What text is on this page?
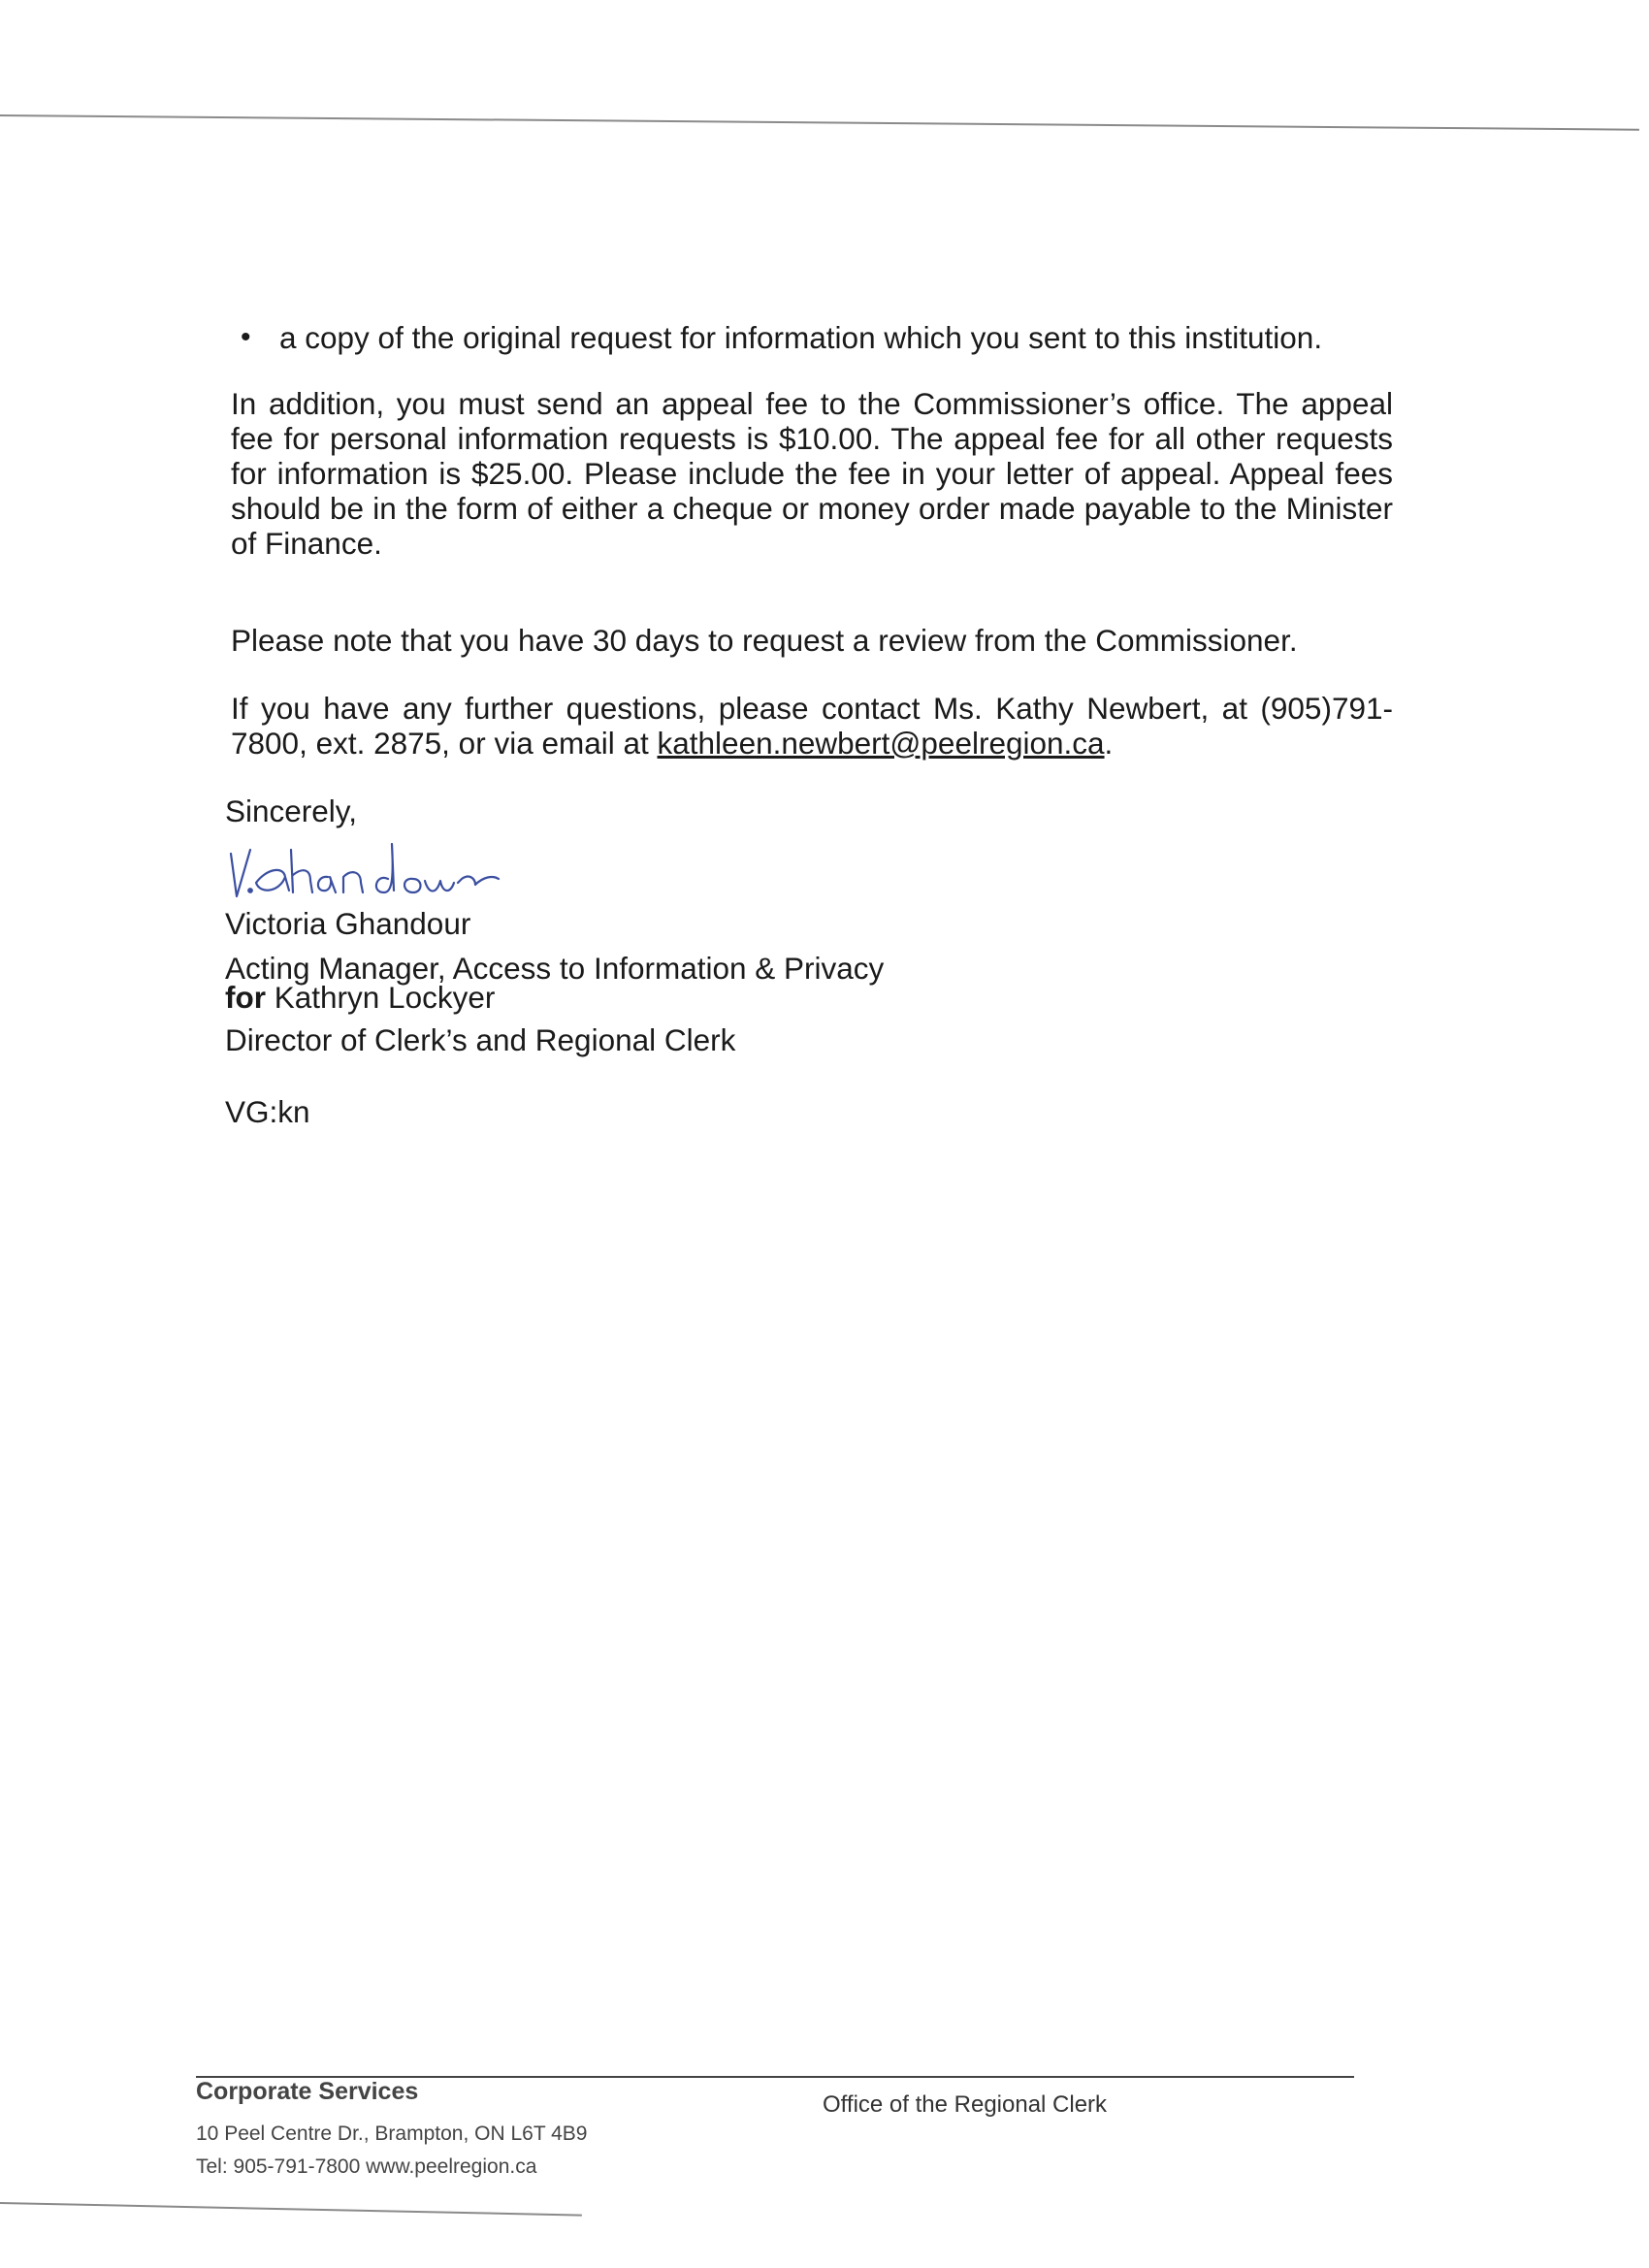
• a copy of the original request for information which you sent to this institution.

In addition, you must send an appeal fee to the Commissioner’s office. The appeal fee for personal information requests is $10.00. The appeal fee for all other requests for information is $25.00. Please include the fee in your letter of appeal. Appeal fees should be in the form of either a cheque or money order made payable to the Minister of Finance.

Please note that you have 30 days to request a review from the Commissioner.

If you have any further questions, please contact Ms. Kathy Newbert, at (905)791-7800, ext. 2875, or via email at kathleen.newbert@peelregion.ca.

Sincerely,
Victoria Ghandour
Acting Manager, Access to Information & Privacy
for Kathryn Lockyer
Director of Clerk’s and Regional Clerk
VG:kn
Corporate Services
10 Peel Centre Dr., Brampton, ON L6T 4B9
Tel: 905-791-7800 www.peelregion.ca
Office of the Regional Clerk
